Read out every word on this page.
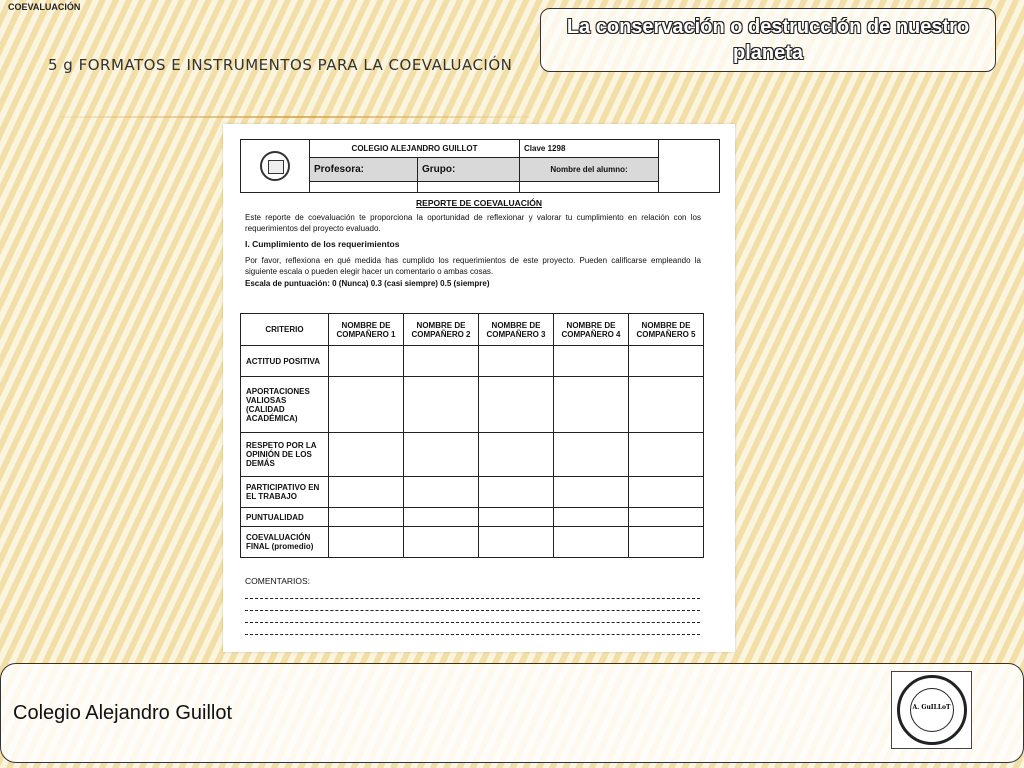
COEVALUACIÓN
5 g FORMATOS E INSTRUMENTOS PARA LA COEVALUACIÓN
La conservación o destrucción de nuestro planeta
	COLEGIO ALEJANDRO GUILLOT		Clave 1298	
	Profesora:	Grupo:	Nombre del alumno:	

REPORTE DE COEVALUACIÓN
Este reporte de coevaluación te proporciona la oportunidad de reflexionar y valorar tu cumplimiento en relación con los requerimientos del proyecto evaluado.
I. Cumplimiento de los requerimientos
Por favor, reflexiona en qué medida has cumplido los requerimientos de este proyecto. Pueden calificarse empleando la siguiente escala o pueden elegir hacer un comentario o ambas cosas.
Escala de puntuación: 0 (Nunca) 0.3 (casi siempre) 0.5 (siempre)
CRITERIO	NOMBRE DE COMPAÑERO 1	NOMBRE DE COMPAÑERO 2	NOMBRE DE COMPAÑERO 3	NOMBRE DE COMPAÑERO 4	NOMBRE DE COMPAÑERO 5
ACTITUD POSITIVA					
APORTACIONES VALIOSAS (CALIDAD ACADÉMICA)					
RESPETO POR LA OPINIÓN DE LOS DEMÁS					
PARTICIPATIVO EN EL TRABAJO					
PUNTUALIDAD					
COEVALUACIÓN FINAL (promedio)					
COMENTARIOS:
Colegio Alejandro Guillot	A. GuILLoT
